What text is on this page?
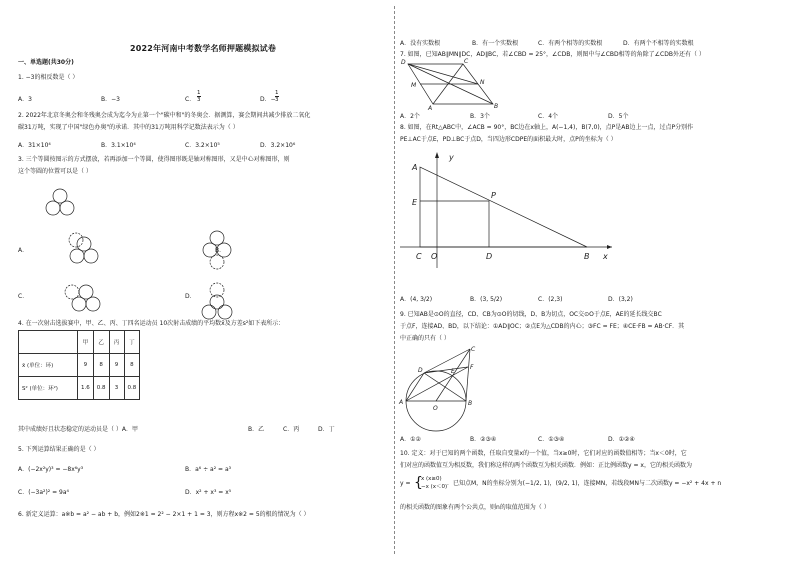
2022年河南中考数学名师押题模拟试卷
一、单选题(共30分)
1. −3的相反数是（ ）
A．3	B．−3	C．
1
3	D．−
1
3
2. 2022年北京冬奥会和冬残奥会成为迄今为止第一个"碳中和"的冬奥会．据测算，赛会期间共减少排放二氧化
碳31万吨，实现了中国"绿色办奥"的承诺．其中的31万吨用科学记数法表示为（ ）
A．31×10⁴	B．3.1×10⁴	C．3.2×10⁵	D．3.2×10⁶
3. 三个等圆按图示的方式摆放，若再添加一个等圆，使得图形既是轴对称图形，又是中心对称图形，则
这个等圆的位置可以是（ ）
A．	B．
C．	D．
4. 在一次射击选拔赛中，甲、乙、丙、丁四名运动员 10次射击成绩的平均数x̄及方差s²如下表所示：
	甲	乙	丙	丁
x̄ (单位：环)	9	8	9	8
S² (单位：环²)	1.6	0.8	3	0.8
其中成绩好且状态稳定的运动员是（ ）A．甲	B．乙	C．丙	D．丁
5. 下列运算结果正确的是（ ）
A．(−2x²y)³ = −8x⁶y³	B．a⁶ ÷ a² = a³
C．(−3a²)² = 9a⁴	D．x² + x³ = x⁵
6. 新定义运算：a※b = a² − ab + b，例如2※1 = 2² − 2×1 + 1 = 3，则方程x※2 = 5的根的情况为（ ）
A．没有实数根	B．有一个实数根	C．有两个相等的实数根	D．有两个不相等的实数根
7. 如图，已知AB∥MN∥DC，AD∥BC，若∠CBD = 25°，∠CDB，则图中与∠CBD相等的角除了∠CDB外还有（ ）
D	C
M	N
A	B
A．2个	B．3个	C．4个	D．5个
8. 如图，在Rt△ABC中，∠ACB = 90°，BC边在x轴上，A(−1,4)，B(7,0)，点P是AB边上一点，过点P分别作
PE⊥AC于点E，PD⊥BC于点D，当四边形CDPE的面积最大时，点P的坐标为（ ）
y
A
E
P
C O	D	B x
A．(4, 3/2)	B．(3, 5/2)	C．(2,3)	D．(3,2)
9. 已知AB是⊙O的直径，CD、CB为⊙O的切线，D、B为切点，OC交⊙O于点E，AE的延长线交BC
于点F，连接AD、BD，以下结论：①AD∥OC；②点E为△CDB的内心；③FC = FE；④CE·FB = AB·CF．其
中正确的只有（ ）
C
D	E
F
A
O
B
A．①②	B．②③④	C．①③④	D．①②④
10. 定义：对于已知的两个函数，任取自变量x的一个值，当x≥0时，它们对应的函数值相等；当x＜0时，它
们对应的函数值互为相反数，我们称这样的两个函数互为相关函数．例如：正比例函数y = x，它的相关函数为
y = {
x (x≥0)
−x (x＜0) ．已知点M，N的坐标分别为(−1/2, 1)，(9/2, 1)，连接MN，若线段MN与二次函数y = −x² + 4x + n
的相关函数的图象有两个公共点，则n的取值范围为（ ）
